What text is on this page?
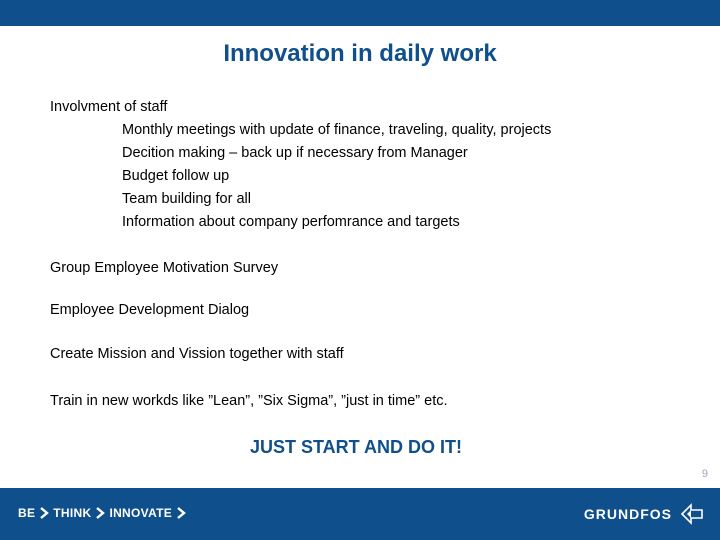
Innovation in daily work
Involvment of staff
Monthly meetings with update of finance, traveling, quality, projects
Decition making – back up if necessary from Manager
Budget follow up
Team building for all
Information about company perfomrance and targets
Group Employee Motivation Survey
Employee Development Dialog
Create Mission and Vission together with staff
Train in new workds like ”Lean”, ”Six Sigma”, ”just in time” etc.
JUST START AND DO IT!
9
BE THINK INNOVATE	GRUNDFOS
